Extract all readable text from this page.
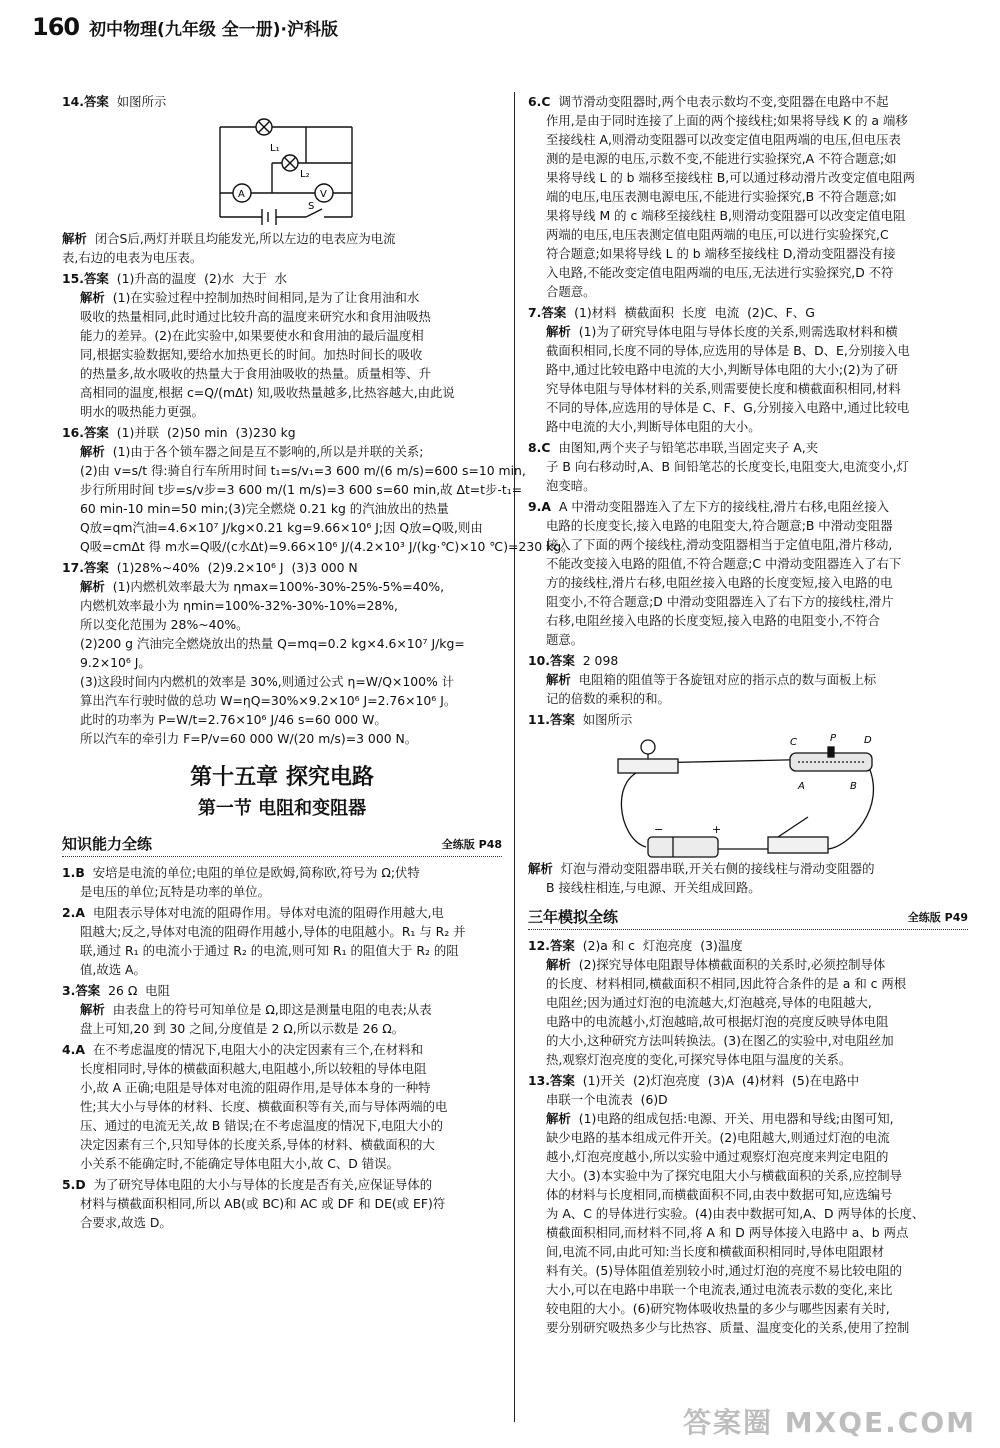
160 初中物理(九年级 全一册)·沪科版
14.答案 如图所示
L₁
L₂
A	V
S
解析 闭合S后,两灯并联且均能发光,所以左边的电表应为电流
表,右边的电表为电压表。
15.答案 (1)升高的温度  (2)水  大于  水
解析 (1)在实验过程中控制加热时间相同,是为了让食用油和水
吸收的热量相同,此时通过比较升高的温度来研究水和食用油吸热
能力的差异。(2)在此实验中,如果要使水和食用油的最后温度相
同,根据实验数据知,要给水加热更长的时间。加热时间长的吸收
的热量多,故水吸收的热量大于食用油吸收的热量。质量相等、升
高相同的温度,根据 c=Q/(mΔt) 知,吸收热量越多,比热容越大,由此说
明水的吸热能力更强。
16.答案 (1)并联  (2)50 min  (3)230 kg
解析 (1)由于各个锁车器之间是互不影响的,所以是并联的关系;
(2)由 v=s/t 得:骑自行车所用时间 t₁=s/v₁=3 600 m/(6 m/s)=600 s=10 min,
步行所用时间 t步=s/v步=3 600 m/(1 m/s)=3 600 s=60 min,故 Δt=t步-t₁=
60 min-10 min=50 min;(3)完全燃烧 0.21 kg 的汽油放出的热量
Q放=qm汽油=4.6×10⁷ J/kg×0.21 kg=9.66×10⁶ J;因 Q放=Q吸,则由
Q吸=cmΔt 得 m水=Q吸/(c水Δt)=9.66×10⁶ J/(4.2×10³ J/(kg·℃)×10 ℃)=230 kg。
17.答案 (1)28%~40%  (2)9.2×10⁶ J  (3)3 000 N
解析 (1)内燃机效率最大为 ηmax=100%-30%-25%-5%=40%,
内燃机效率最小为 ηmin=100%-32%-30%-10%=28%,
所以变化范围为 28%~40%。
(2)200 g 汽油完全燃烧放出的热量 Q=mq=0.2 kg×4.6×10⁷ J/kg=
9.2×10⁶ J。
(3)这段时间内内燃机的效率是 30%,则通过公式 η=W/Q×100% 计
算出汽车行驶时做的总功 W=ηQ=30%×9.2×10⁶ J=2.76×10⁶ J。
此时的功率为 P=W/t=2.76×10⁶ J/46 s=60 000 W。
所以汽车的牵引力 F=P/v=60 000 W/(20 m/s)=3 000 N。
第十五章 探究电路
第一节 电阻和变阻器
知识能力全练	全练版 P48
1.B 安培是电流的单位;电阻的单位是欧姆,简称欧,符号为 Ω;伏特
是电压的单位;瓦特是功率的单位。
2.A 电阻表示导体对电流的阻碍作用。导体对电流的阻碍作用越大,电
阻越大;反之,导体对电流的阻碍作用越小,导体的电阻越小。R₁ 与 R₂ 并
联,通过 R₁ 的电流小于通过 R₂ 的电流,则可知 R₁ 的阻值大于 R₂ 的阻
值,故选 A。
3.答案 26 Ω  电阻
解析 由表盘上的符号可知单位是 Ω,即这是测量电阻的电表;从表
盘上可知,20 到 30 之间,分度值是 2 Ω,所以示数是 26 Ω。
4.A 在不考虑温度的情况下,电阻大小的决定因素有三个,在材料和
长度相同时,导体的横截面积越大,电阻越小,所以较粗的导体电阻
小,故 A 正确;电阻是导体对电流的阻碍作用,是导体本身的一种特
性;其大小与导体的材料、长度、横截面积等有关,而与导体两端的电
压、通过的电流无关,故 B 错误;在不考虑温度的情况下,电阻大小的
决定因素有三个,只知导体的长度关系,导体的材料、横截面积的大
小关系不能确定时,不能确定导体电阻大小,故 C、D 错误。
5.D 为了研究导体电阻的大小与导体的长度是否有关,应保证导体的
材料与横截面积相同,所以 AB(或 BC)和 AC 或 DF 和 DE(或 EF)符
合要求,故选 D。
6.C 调节滑动变阻器时,两个电表示数均不变,变阻器在电路中不起
作用,是由于同时连接了上面的两个接线柱;如果将导线 K 的 a 端移
至接线柱 A,则滑动变阻器可以改变定值电阻两端的电压,但电压表
测的是电源的电压,示数不变,不能进行实验探究,A 不符合题意;如
果将导线 L 的 b 端移至接线柱 B,可以通过移动滑片改变定值电阻两
端的电压,电压表测电源电压,不能进行实验探究,B 不符合题意;如
果将导线 M 的 c 端移至接线柱 B,则滑动变阻器可以改变定值电阻
两端的电压,电压表测定值电阻两端的电压,可以进行实验探究,C
符合题意;如果将导线 L 的 b 端移至接线柱 D,滑动变阻器没有接
入电路,不能改变定值电阻两端的电压,无法进行实验探究,D 不符
合题意。
7.答案 (1)材料  横截面积  长度  电流  (2)C、F、G
解析 (1)为了研究导体电阻与导体长度的关系,则需选取材料和横
截面积相同,长度不同的导体,应选用的导体是 B、D、E,分别接入电
路中,通过比较电路中电流的大小,判断导体电阻的大小;(2)为了研
究导体电阻与导体材料的关系,则需要使长度和横截面积相同,材料
不同的导体,应选用的导体是 C、F、G,分别接入电路中,通过比较电
路中电流的大小,判断导体电阻的大小。
8.C 由图知,两个夹子与铅笔芯串联,当固定夹子 A,夹
子 B 向右移动时,A、B 间铅笔芯的长度变长,电阻变大,电流变小,灯
泡变暗。
9.A A 中滑动变阻器连入了左下方的接线柱,滑片右移,电阻丝接入
电路的长度变长,接入电路的电阻变大,符合题意;B 中滑动变阻器
接入了下面的两个接线柱,滑动变阻器相当于定值电阻,滑片移动,
不能改变接入电路的阻值,不符合题意;C 中滑动变阻器连入了右下
方的接线柱,滑片右移,电阻丝接入电路的长度变短,接入电路的电
阻变小,不符合题意;D 中滑动变阻器连入了右下方的接线柱,滑片
右移,电阻丝接入电路的长度变短,接入电路的电阻变小,不符合
题意。
10.答案 2 098
解析 电阻箱的阻值等于各旋钮对应的指示点的数与面板上标
记的倍数的乘积的和。
11.答案 如图所示
C	P	D
A	B
−	+
解析 灯泡与滑动变阻器串联,开关右侧的接线柱与滑动变阻器的
B 接线柱相连,与电源、开关组成回路。
三年模拟全练	全练版 P49
12.答案 (2)a 和 c  灯泡亮度  (3)温度
解析 (2)探究导体电阻跟导体横截面积的关系时,必须控制导体
的长度、材料相同,横截面积不相同,因此符合条件的是 a 和 c 两根
电阻丝;因为通过灯泡的电流越大,灯泡越亮,导体的电阻越大,
电路中的电流越小,灯泡越暗,故可根据灯泡的亮度反映导体电阻
的大小,这种研究方法叫转换法。(3)在图乙的实验中,对电阻丝加
热,观察灯泡亮度的变化,可探究导体电阻与温度的关系。
13.答案 (1)开关  (2)灯泡亮度  (3)A  (4)材料  (5)在电路中
串联一个电流表  (6)D
解析 (1)电路的组成包括:电源、开关、用电器和导线;由图可知,
缺少电路的基本组成元件开关。(2)电阻越大,则通过灯泡的电流
越小,灯泡亮度越小,所以实验中通过观察灯泡亮度来判定电阻的
大小。(3)本实验中为了探究电阻大小与横截面积的关系,应控制导
体的材料与长度相同,而横截面积不同,由表中数据可知,应选编号
为 A、C 的导体进行实验。(4)由表中数据可知,A、D 两导体的长度、
横截面积相同,而材料不同,将 A 和 D 两导体接入电路中 a、b 两点
间,电流不同,由此可知:当长度和横截面积相同时,导体电阻跟材
料有关。(5)导体阻值差别较小时,通过灯泡的亮度不易比较电阻的
大小,可以在电路中串联一个电流表,通过电流表示数的变化,来比
较电阻的大小。(6)研究物体吸收热量的多少与哪些因素有关时,
要分别研究吸热多少与比热容、质量、温度变化的关系,使用了控制
答案圈 MXQE.COM
